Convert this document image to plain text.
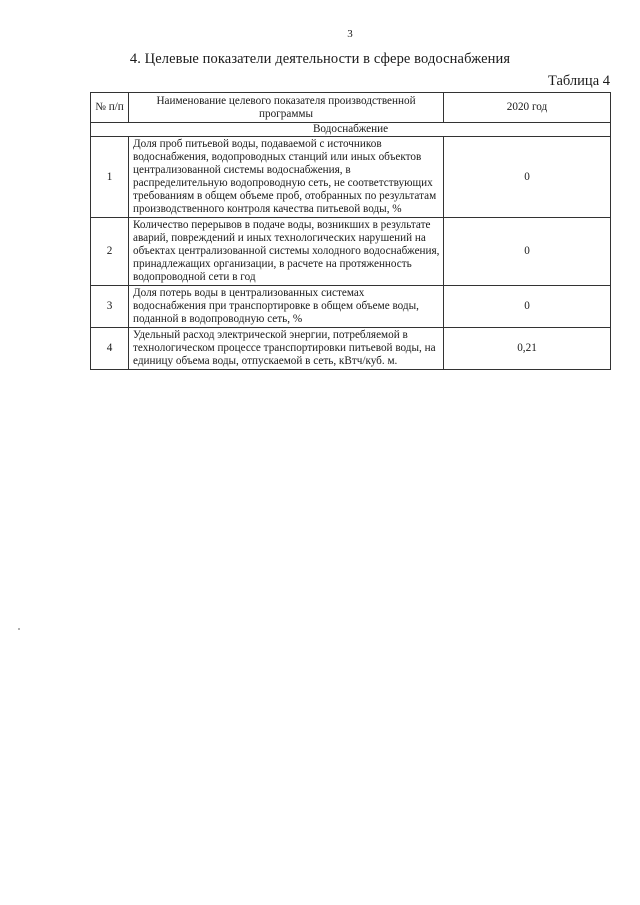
3
4. Целевые показатели деятельности в сфере водоснабжения
Таблица 4
№ п/п	Наименование целевого показателя производственной программы	2020 год
Водоснабжение		
1	Доля проб питьевой воды, подаваемой с источников водоснабжения, водопроводных станций или иных объектов централизованной системы водоснабжения, в распределительную водопроводную сеть, не соответствующих требованиям в общем объеме проб, отобранных по результатам производственного контроля качества питьевой воды, %	0
2	Количество перерывов в подаче воды, возникших в результате аварий, повреждений и иных технологических нарушений на объектах централизованной системы холодного водоснабжения, принадлежащих организации, в расчете на протяженность водопроводной сети в год	0
3	Доля потерь воды в централизованных системах водоснабжения при транспортировке в общем объеме воды, поданной в водопроводную сеть, %	0
4	Удельный расход электрической энергии, потребляемой в технологическом процессе транспортировки питьевой воды, на единицу объема воды, отпускаемой в сеть, кВтч/куб. м.	0,21
